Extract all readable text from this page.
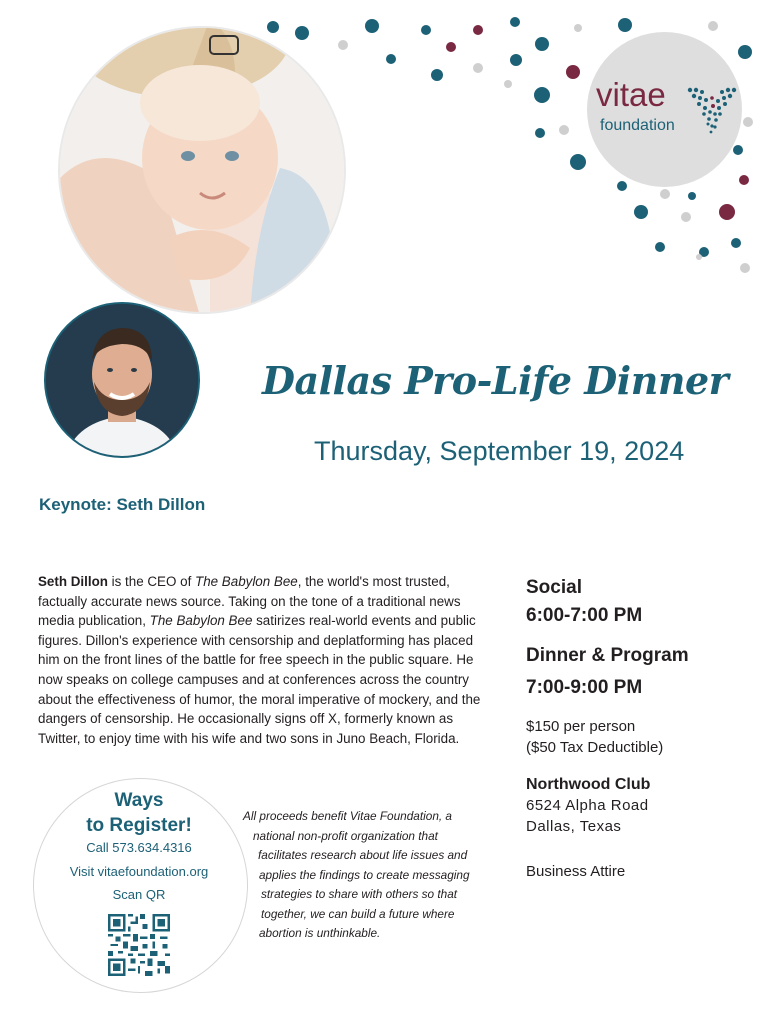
vitae
foundation
Dallas Pro-Life Dinner
Thursday, September 19, 2024
Keynote: Seth Dillon
Seth Dillon is the CEO of The Babylon Bee, the world's most trusted, factually accurate news source. Taking on the tone of a traditional news media publication, The Babylon Bee satirizes real-world events and public figures. Dillon's experience with censorship and deplatforming has placed him on the front lines of the battle for free speech in the public square. He now speaks on college campuses and at conferences across the country about the effectiveness of humor, the moral imperative of mockery, and the dangers of censorship. He occasionally signs off X, formerly known as Twitter, to enjoy time with his wife and two sons in Juno Beach, Florida.
Social
6:00-7:00 PM
Dinner & Program
7:00-9:00 PM
$150 per person
($50 Tax Deductible)
Northwood Club
6524 Alpha Road
Dallas, Texas
Business Attire
Ways
to Register!
Call 573.634.4316
Visit vitaefoundation.org
Scan QR
All proceeds benefit Vitae Foundation, a
national non-profit organization that
facilitates research about life issues and
applies the findings to create messaging
strategies to share with others so that
together, we can build a future where
abortion is unthinkable.
